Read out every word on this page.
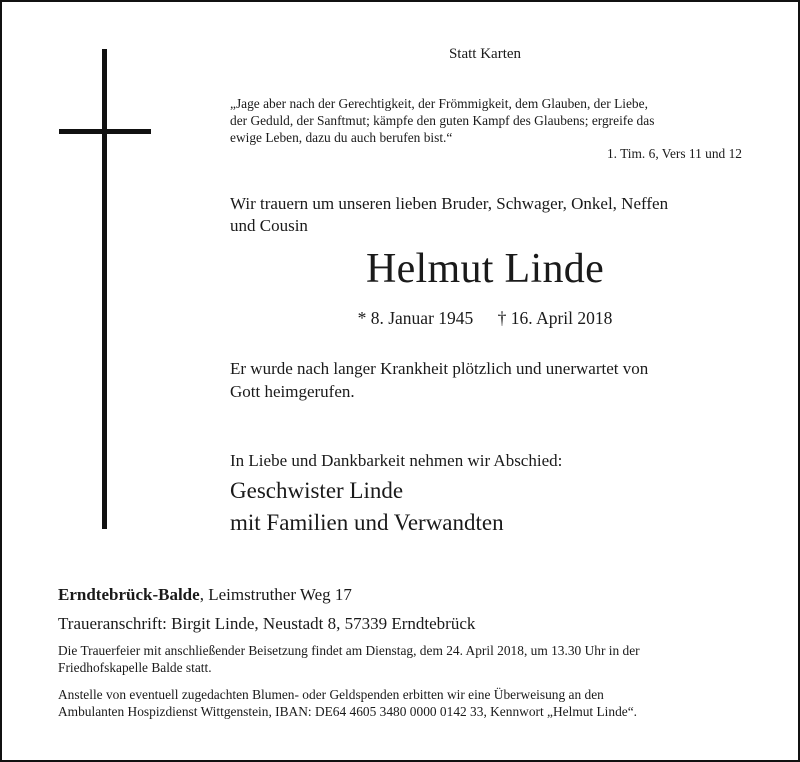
Statt Karten
„Jage aber nach der Gerechtigkeit, der Frömmigkeit, dem Glauben, der Liebe,
der Geduld, der Sanftmut; kämpfe den guten Kampf des Glaubens; ergreife das
ewige Leben, dazu du auch berufen bist.“
1. Tim. 6, Vers 11 und 12
Wir trauern um unseren lieben Bruder, Schwager, Onkel, Neffen
und Cousin
Helmut Linde
* 8. Januar 1945 † 16. April 2018
Er wurde nach langer Krankheit plötzlich und unerwartet von
Gott heimgerufen.
In Liebe und Dankbarkeit nehmen wir Abschied:
Geschwister Linde
mit Familien und Verwandten
Erndtebrück-Balde, Leimstruther Weg 17
Traueranschrift: Birgit Linde, Neustadt 8, 57339 Erndtebrück
Die Trauerfeier mit anschließender Beisetzung findet am Dienstag, dem 24. April 2018, um 13.30 Uhr in der
Friedhofskapelle Balde statt.
Anstelle von eventuell zugedachten Blumen- oder Geldspenden erbitten wir eine Überweisung an den
Ambulanten Hospizdienst Wittgenstein, IBAN: DE64 4605 3480 0000 0142 33, Kennwort „Helmut Linde“.
